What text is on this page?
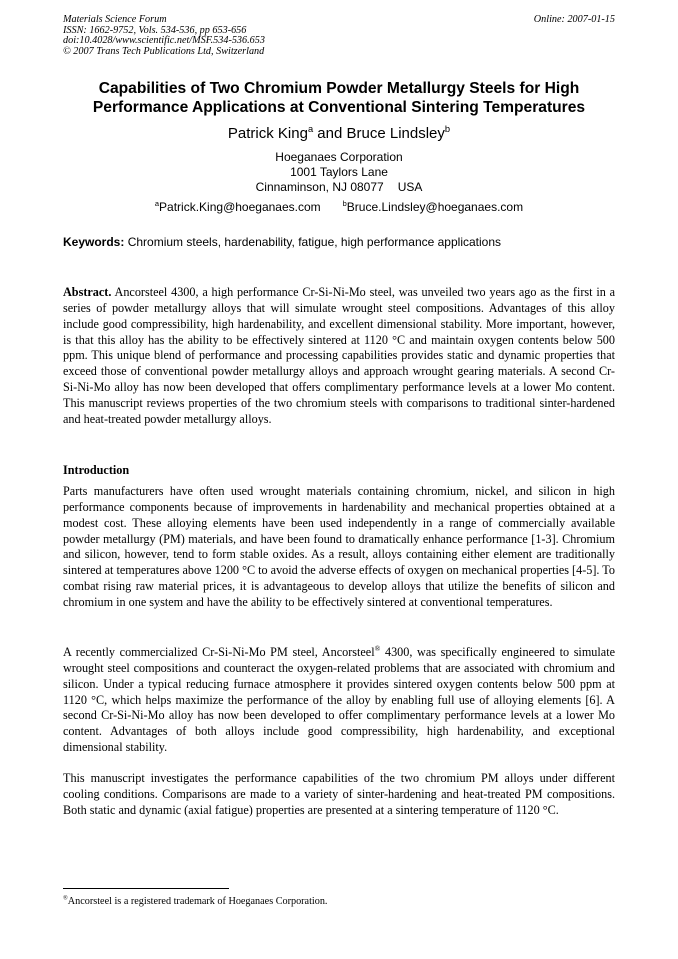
Materials Science Forum
ISSN: 1662-9752, Vols. 534-536, pp 653-656
doi:10.4028/www.scientific.net/MSF.534-536.653
© 2007 Trans Tech Publications Ltd, Switzerland
Online: 2007-01-15
Capabilities of Two Chromium Powder Metallurgy Steels for High
Performance Applications at Conventional Sintering Temperatures
Patrick King$^a$ and Bruce Lindsley$^b$
Hoeganaes Corporation
1001 Taylors Lane
Cinnaminson, NJ 08077 USA
$^a$Patrick.King@hoeganaes.com	$^b$Bruce.Lindsley@hoeganaes.com
Keywords: Chromium steels, hardenability, fatigue, high performance applications

Abstract. Ancorsteel 4300, a high performance Cr-Si-Ni-Mo steel, was unveiled two years ago as the first in a series of powder metallurgy alloys that will simulate wrought steel compositions. Advantages of this alloy include good compressibility, high hardenability, and excellent dimensional stability. More important, however, is that this alloy has the ability to be effectively sintered at 1120 °C and maintain oxygen contents below 500 ppm. This unique blend of performance and processing capabilities provides static and dynamic properties that exceed those of conventional powder metallurgy alloys and approach wrought gearing materials. A second Cr-Si-Ni-Mo alloy has now been developed that offers complimentary performance levels at a lower Mo content. This manuscript reviews properties of the two chromium steels with comparisons to traditional sinter-hardened and heat-treated powder metallurgy alloys.

Introduction

Parts manufacturers have often used wrought materials containing chromium, nickel, and silicon in high performance components because of improvements in hardenability and mechanical properties obtained at a modest cost. These alloying elements have been used independently in a range of commercially available powder metallurgy (PM) materials, and have been found to dramatically enhance performance [1-3]. Chromium and silicon, however, tend to form stable oxides. As a result, alloys containing either element are traditionally sintered at temperatures above 1200 °C to avoid the adverse effects of oxygen on mechanical properties [4-5]. To combat rising raw material prices, it is advantageous to develop alloys that utilize the benefits of silicon and chromium in one system and have the ability to be effectively sintered at conventional temperatures.

A recently commercialized Cr-Si-Ni-Mo PM steel, Ancorsteel® 4300, was specifically engineered to simulate wrought steel compositions and counteract the oxygen-related problems that are associated with chromium and silicon. Under a typical reducing furnace atmosphere it provides sintered oxygen contents below 500 ppm at 1120 °C, which helps maximize the performance of the alloy by enabling full use of alloying elements [6]. A second Cr-Si-Ni-Mo alloy has now been developed to offer complimentary performance levels at a lower Mo content. Advantages of both alloys include good compressibility, high hardenability, and exceptional dimensional stability.

This manuscript investigates the performance capabilities of the two chromium PM alloys under different cooling conditions. Comparisons are made to a variety of sinter-hardening and heat-treated PM compositions. Both static and dynamic (axial fatigue) properties are presented at a sintering temperature of 1120 °C.

®Ancorsteel is a registered trademark of Hoeganaes Corporation.
